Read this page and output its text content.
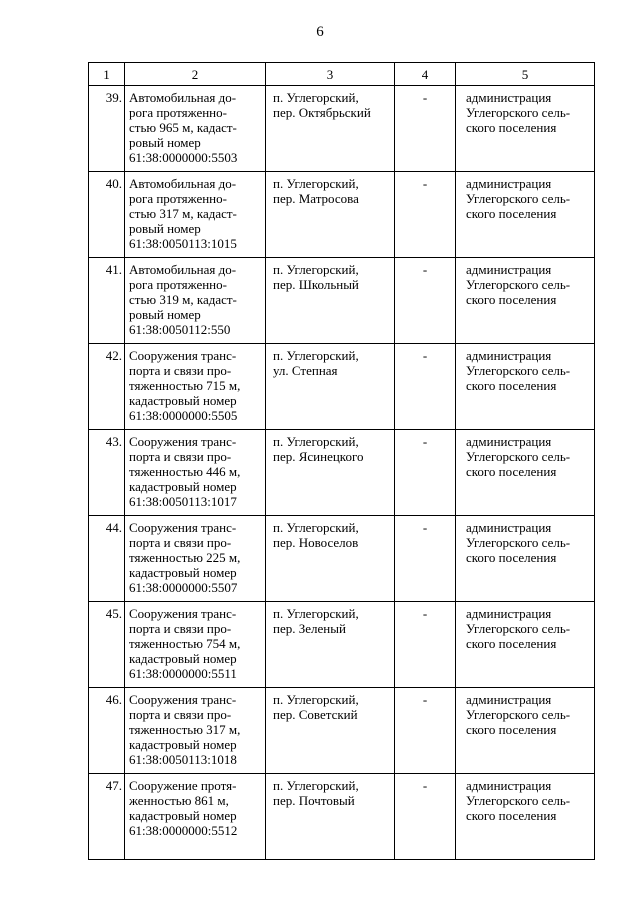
6
1	2	3	4	5
39.	Автомобильная до-
рога протяженно-
стью 965 м, кадаст-
ровый номер
61:38:0000000:5503	п. Углегорский,
пер. Октябрьский	-	администрация
Углегорского сель-
ского поселения

40.	Автомобильная до-
рога протяженно-
стью 317 м, кадаст-
ровый номер
61:38:0050113:1015	п. Углегорский,
пер. Матросова	-	администрация
Углегорского сель-
ского поселения

41.	Автомобильная до-
рога протяженно-
стью 319 м, кадаст-
ровый номер
61:38:0050112:550	п. Углегорский,
пер. Школьный	-	администрация
Углегорского сель-
ского поселения

42.	Сооружения транс-
порта и связи про-
тяженностью 715 м,
кадастровый номер
61:38:0000000:5505	п. Углегорский,
ул. Степная	-	администрация
Углегорского сель-
ского поселения

43.	Сооружения транс-
порта и связи про-
тяженностью 446 м,
кадастровый номер
61:38:0050113:1017	п. Углегорский,
пер. Ясинецкого	-	администрация
Углегорского сель-
ского поселения

44.	Сооружения транс-
порта и связи про-
тяженностью 225 м,
кадастровый номер
61:38:0000000:5507	п. Углегорский,
пер. Новоселов	-	администрация
Углегорского сель-
ского поселения

45.	Сооружения транс-
порта и связи про-
тяженностью 754 м,
кадастровый номер
61:38:0000000:5511	п. Углегорский,
пер. Зеленый	-	администрация
Углегорского сель-
ского поселения

46.	Сооружения транс-
порта и связи про-
тяженностью 317 м,
кадастровый номер
61:38:0050113:1018	п. Углегорский,
пер. Советский	-	администрация
Углегорского сель-
ского поселения

47.	Сооружение протя-
женностью 861 м,
кадастровый номер
61:38:0000000:5512	п. Углегорский,
пер. Почтовый	-	администрация
Углегорского сель-
ского поселения
